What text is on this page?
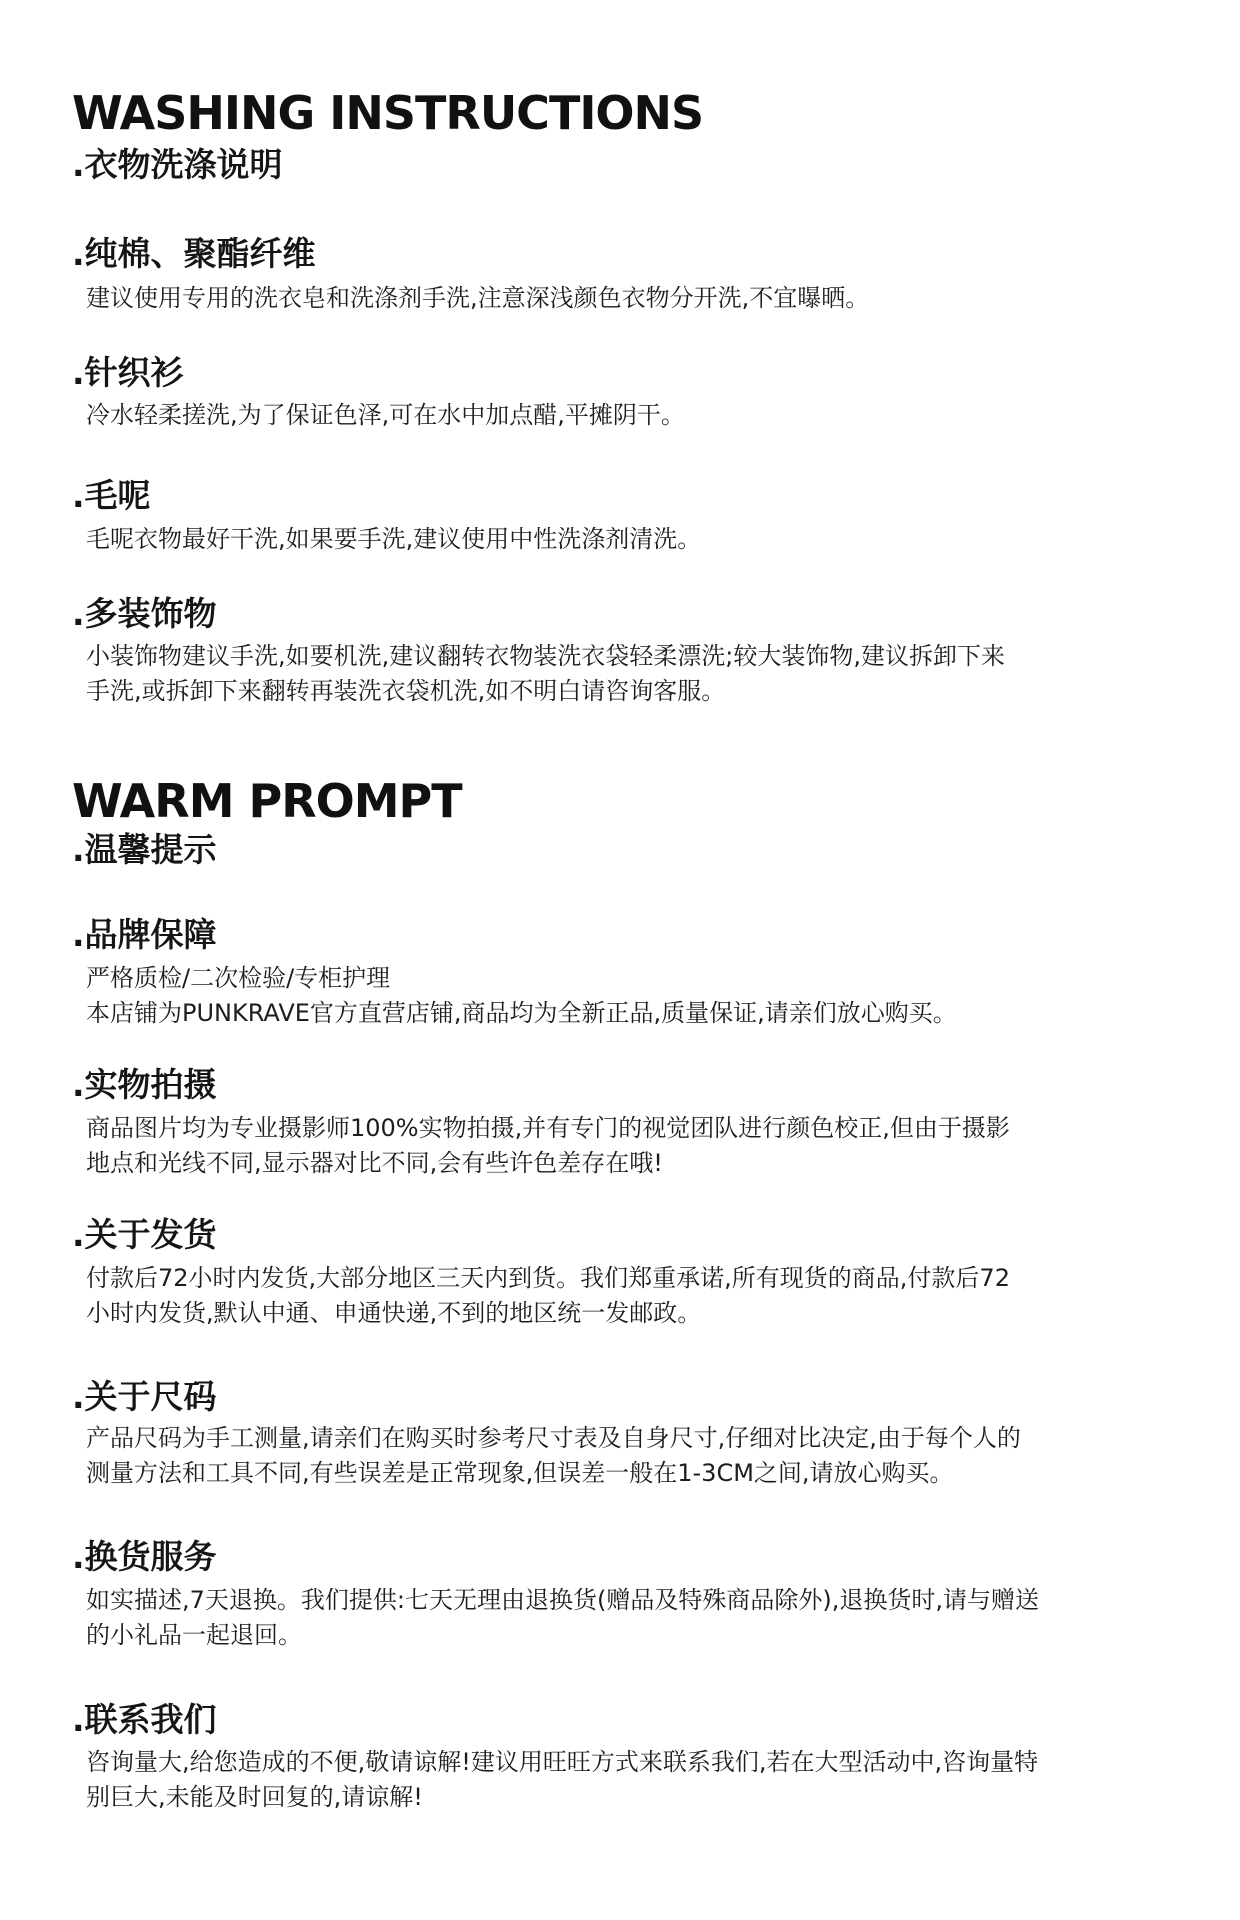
WASHING INSTRUCTIONS
.衣物洗涤说明
.纯棉、聚酯纤维

建议使用专用的洗衣皂和洗涤剂手洗,注意深浅颜色衣物分开洗,不宜曝晒。

.针织衫

冷水轻柔搓洗,为了保证色泽,可在水中加点醋,平摊阴干。

.毛呢

毛呢衣物最好干洗,如果要手洗,建议使用中性洗涤剂清洗。

.多装饰物

小装饰物建议手洗,如要机洗,建议翻转衣物装洗衣袋轻柔漂洗;较大装饰物,建议拆卸下来
手洗,或拆卸下来翻转再装洗衣袋机洗,如不明白请咨询客服。

WARM PROMPT
.温馨提示
.品牌保障

严格质检/二次检验/专柜护理
本店铺为PUNKRAVE官方直营店铺,商品均为全新正品,质量保证,请亲们放心购买。

.实物拍摄

商品图片均为专业摄影师100%实物拍摄,并有专门的视觉团队进行颜色校正,但由于摄影
地点和光线不同,显示器对比不同,会有些许色差存在哦!

.关于发货

付款后72小时内发货,大部分地区三天内到货。我们郑重承诺,所有现货的商品,付款后72
小时内发货,默认中通、申通快递,不到的地区统一发邮政。

.关于尺码

产品尺码为手工测量,请亲们在购买时参考尺寸表及自身尺寸,仔细对比决定,由于每个人的
测量方法和工具不同,有些误差是正常现象,但误差一般在1-3CM之间,请放心购买。

.换货服务

如实描述,7天退换。我们提供:七天无理由退换货(赠品及特殊商品除外),退换货时,请与赠送
的小礼品一起退回。

.联系我们

咨询量大,给您造成的不便,敬请谅解!建议用旺旺方式来联系我们,若在大型活动中,咨询量特
别巨大,未能及时回复的,请谅解!
